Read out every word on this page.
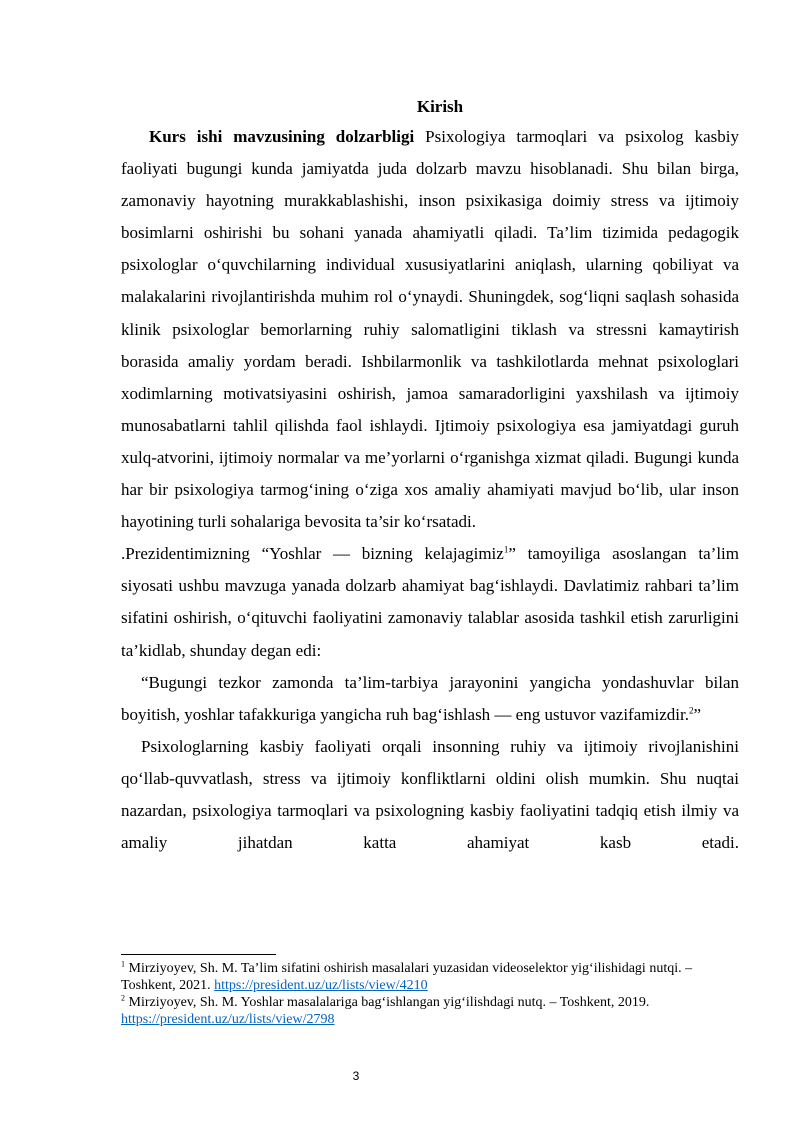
Kirish

Kurs ishi mavzusining dolzarbligi Psixologiya tarmoqlari va psixolog kasbiy faoliyati bugungi kunda jamiyatda juda dolzarb mavzu hisoblanadi. Shu bilan birga, zamonaviy hayotning murakkablashishi, inson psixikasiga doimiy stress va ijtimoiy bosimlarni oshirishi bu sohani yanada ahamiyatli qiladi. Ta’lim tizimida pedagogik psixologlar o‘quvchilarning individual xususiyatlarini aniqlash, ularning qobiliyat va malakalarini rivojlantirishda muhim rol o‘ynaydi. Shuningdek, sog‘liqni saqlash sohasida klinik psixologlar bemorlarning ruhiy salomatligini tiklash va stressni kamaytirish borasida amaliy yordam beradi. Ishbilarmonlik va tashkilotlarda mehnat psixologlari xodimlarning motivatsiyasini oshirish, jamoa samaradorligini yaxshilash va ijtimoiy munosabatlarni tahlil qilishda faol ishlaydi. Ijtimoiy psixologiya esa jamiyatdagi guruh xulq-atvorini, ijtimoiy normalar va me’yorlarni o‘rganishga xizmat qiladi. Bugungi kunda har bir psixologiya tarmog‘ining o‘ziga xos amaliy ahamiyati mavjud bo‘lib, ular inson hayotining turli sohalariga bevosita ta’sir ko‘rsatadi.

.Prezidentimizning “Yoshlar — bizning kelajagimiz$^1$” tamoyiliga asoslangan ta’lim siyosati ushbu mavzuga yanada dolzarb ahamiyat bag‘ishlaydi. Davlatimiz rahbari ta’lim sifatini oshirish, o‘qituvchi faoliyatini zamonaviy talablar asosida tashkil etish zarurligini ta’kidlab, shunday degan edi:

“Bugungi tezkor zamonda ta’lim-tarbiya jarayonini yangicha yondashuvlar bilan boyitish, yoshlar tafakkuriga yangicha ruh bag‘ishlash — eng ustuvor vazifamizdir.$^2$”

Psixologlarning kasbiy faoliyati orqali insonning ruhiy va ijtimoiy rivojlanishini qo‘llab-quvvatlash, stress va ijtimoiy konfliktlarni oldini olish mumkin. Shu nuqtai nazardan, psixologiya tarmoqlari va psixologning kasbiy faoliyatini tadqiq etish ilmiy va amaliy jihatdan katta ahamiyat kasb etadi.

$^1$ Mirziyoyev, Sh. M. Ta’lim sifatini oshirish masalalari yuzasidan videoselektor yig‘ilishidagi nutqi. – Toshkent, 2021. https://president.uz/uz/lists/view/4210

$^2$ Mirziyoyev, Sh. M. Yoshlar masalalariga bag‘ishlangan yig‘ilishdagi nutq. – Toshkent, 2019. https://president.uz/uz/lists/view/2798

3
